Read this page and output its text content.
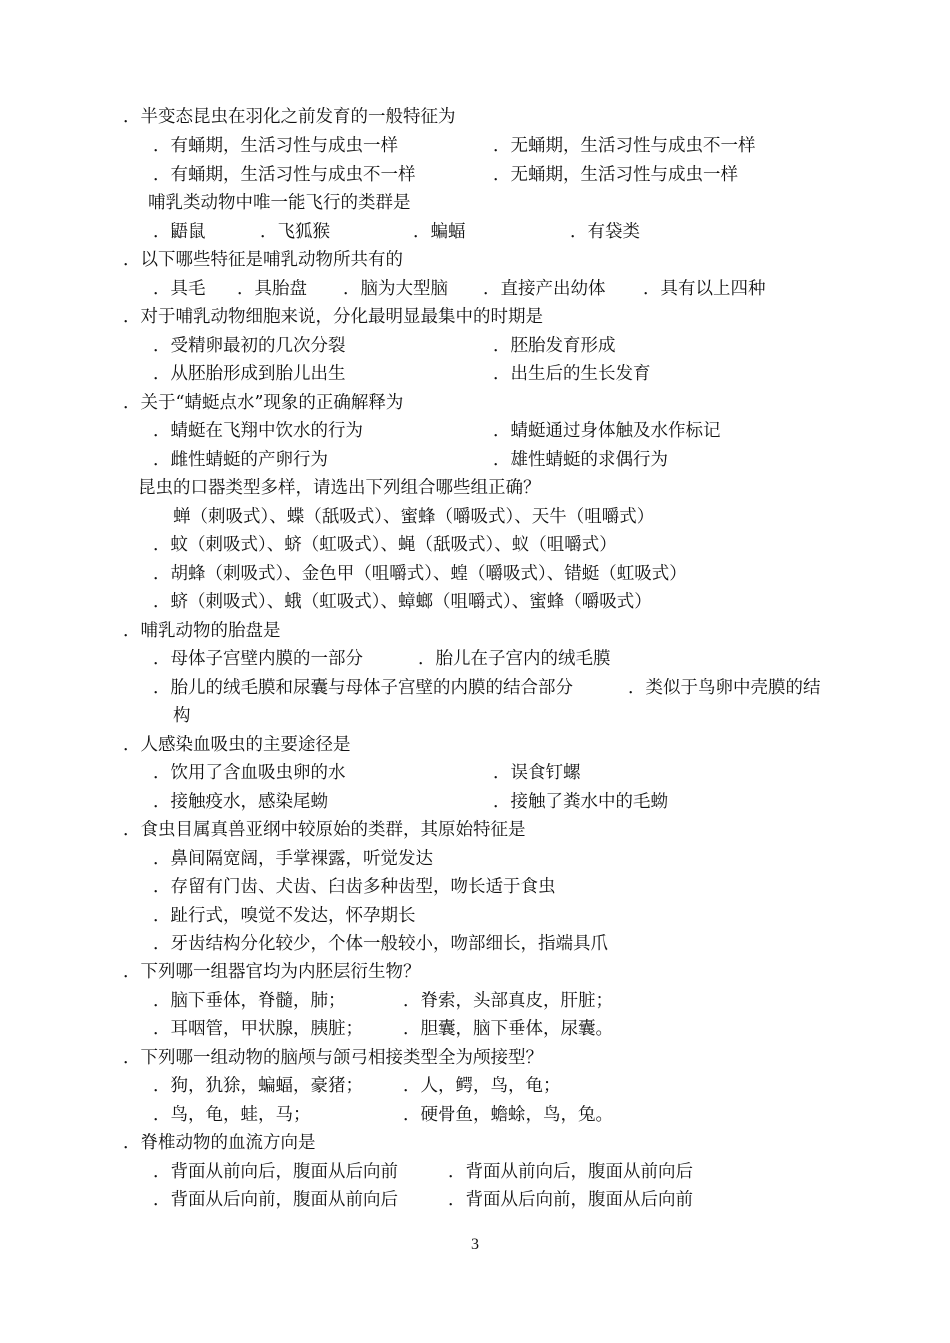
．半变态昆虫在羽化之前发育的一般特征为
．有蛹期，生活习性与成虫一样	．无蛹期，生活习性与成虫不一样
．有蛹期，生活习性与成虫不一样	．无蛹期，生活习性与成虫一样
哺乳类动物中唯一能飞行的类群是
．鼯鼠	．飞狐猴	．蝙蝠	．有袋类
．以下哪些特征是哺乳动物所共有的
．具毛 ．具胎盘 ．脑为大型脑 ．直接产出幼体 ．具有以上四种
．对于哺乳动物细胞来说，分化最明显最集中的时期是
．受精卵最初的几次分裂	．胚胎发育形成
．从胚胎形成到胎儿出生	．出生后的生长发育
．关于“蜻蜓点水”现象的正确解释为
．蜻蜓在飞翔中饮水的行为	．蜻蜓通过身体触及水作标记
．雌性蜻蜓的产卵行为	．雄性蜻蜓的求偶行为
昆虫的口器类型多样，请选出下列组合哪些组正确？
蝉（刺吸式）、蝶（舐吸式）、蜜蜂（嚼吸式）、天牛（咀嚼式）
．蚊（刺吸式）、蛴（虹吸式）、蝇（舐吸式）、蚁（咀嚼式）
．胡蜂（刺吸式）、金色甲（咀嚼式）、蝗（嚼吸式）、错蜓（虹吸式）
．蛴（刺吸式）、蛾（虹吸式）、蟑螂（咀嚼式）、蜜蜂（嚼吸式）
．哺乳动物的胎盘是
．母体子宫壁内膜的一部分	．胎儿在子宫内的绒毛膜
．胎儿的绒毛膜和尿囊与母体子宫壁的内膜的结合部分	．类似于鸟卵中壳膜的结
构
．人感染血吸虫的主要途径是
．饮用了含血吸虫卵的水	．误食钉螺
．接触疫水，感染尾蚴	．接触了粪水中的毛蚴
．食虫目属真兽亚纲中较原始的类群，其原始特征是
．鼻间隔宽阔，手掌裸露，听觉发达
．存留有门齿、犬齿、臼齿多种齿型，吻长适于食虫
．趾行式，嗅觉不发达，怀孕期长
．牙齿结构分化较少，个体一般较小，吻部细长，指端具爪
．下列哪一组器官均为内胚层衍生物？
．脑下垂体，脊髓，肺；	．脊索，头部真皮，肝脏；
．耳咽管，甲状腺，胰脏； ．胆囊，脑下垂体，尿囊。
．下列哪一组动物的脑颅与颌弓相接类型全为颅接型？
．狗，犰狳，蝙蝠，豪猪； ．人，鳄，鸟，龟；
．鸟，龟，蛙，马；	．硬骨鱼，蟾蜍，鸟，兔。
．脊椎动物的血流方向是
．背面从前向后，腹面从后向前	．背面从前向后，腹面从前向后
．背面从后向前，腹面从前向后	．背面从后向前，腹面从后向前
3
